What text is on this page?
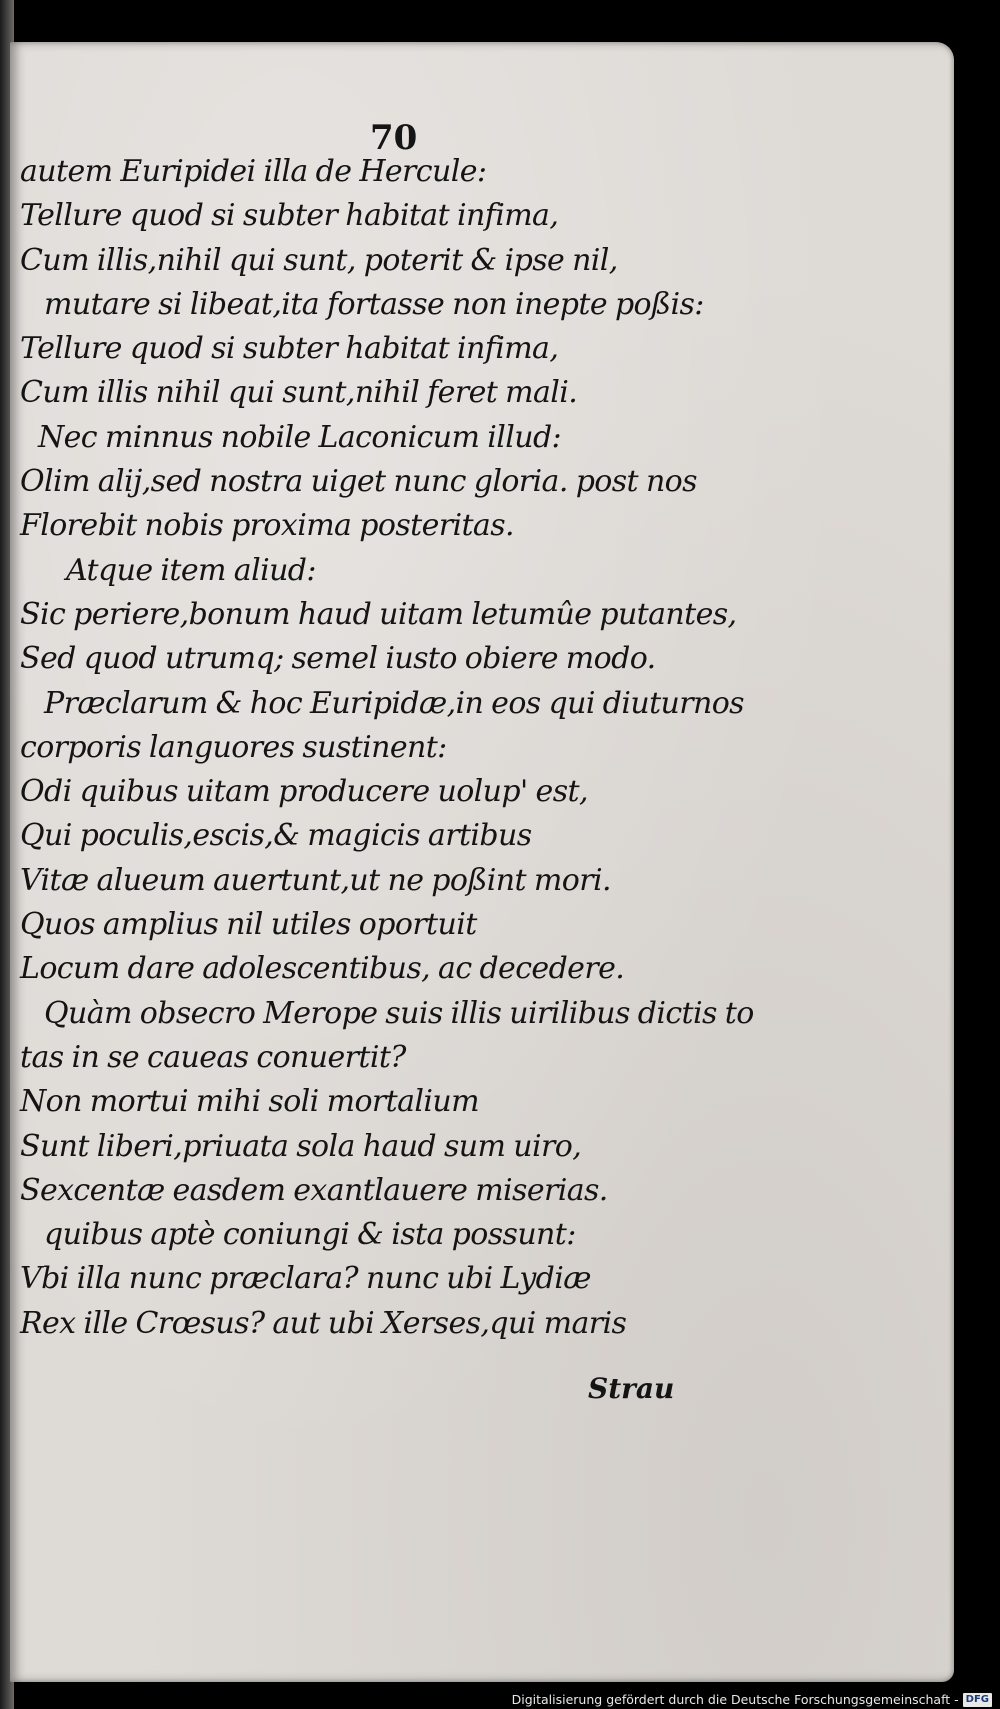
70
autem Euripidei illa de Hercule:
Tellure quod si subter habitat infima,
Cum illis,nihil qui sunt, poterit & ipse nil,
mutare si libeat,ita fortasse non inepte poßis:
Tellure quod si subter habitat infima,
Cum illis nihil qui sunt,nihil feret mali.
Nec minnus nobile Laconicum illud:
Olim alij,sed nostra uiget nunc gloria. post nos
Florebit nobis proxima posteritas.
Atque item aliud:
Sic periere,bonum haud uitam letumûe putantes,
Sed quod utrumq; semel iusto obiere modo.
Præclarum & hoc Euripidæ,in eos qui diuturnos
corporis languores sustinent:
Odi quibus uitam producere uolup' est,
Qui poculis,escis,& magicis artibus
Vitæ alueum auertunt,ut ne poßint mori.
Quos amplius nil utiles oportuit
Locum dare adolescentibus, ac decedere.
Quàm obsecro Merope suis illis uirilibus dictis to
tas in se caueas conuertit?
Non mortui mihi soli mortalium
Sunt liberi,priuata sola haud sum uiro,
Sexcentæ easdem exantlauere miserias.
quibus aptè coniungi & ista possunt:
Vbi illa nunc præclara? nunc ubi Lydiæ
Rex ille Crœsus? aut ubi Xerses,qui maris
Strau
Digitalisierung gefördert durch die Deutsche Forschungsgemeinschaft - DFG
